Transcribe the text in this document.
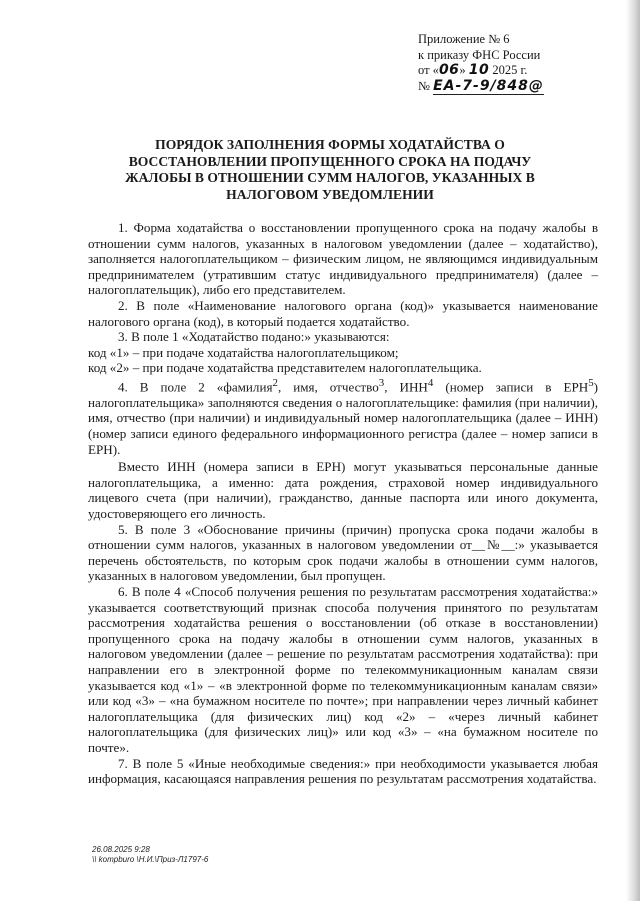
Приложение № 6
к приказу ФНС России
от «06» 10 2025 г.
№ ЕА-7-9/848@
ПОРЯДОК ЗАПОЛНЕНИЯ ФОРМЫ ХОДАТАЙСТВА О ВОССТАНОВЛЕНИИ ПРОПУЩЕННОГО СРОКА НА ПОДАЧУ ЖАЛОБЫ В ОТНОШЕНИИ СУММ НАЛОГОВ, УКАЗАННЫХ В НАЛОГОВОМ УВЕДОМЛЕНИИ

1. Форма ходатайства о восстановлении пропущенного срока на подачу жалобы в отношении сумм налогов, указанных в налоговом уведомлении (далее – ходатайство), заполняется налогоплательщиком – физическим лицом, не являющимся индивидуальным предпринимателем (утратившим статус индивидуального предпринимателя) (далее – налогоплательщик), либо его представителем.

2. В поле «Наименование налогового органа (код)» указывается наименование налогового органа (код), в который подается ходатайство.

3. В поле 1 «Ходатайство подано:» указываются:

код «1» – при подаче ходатайства налогоплательщиком;

код «2» – при подаче ходатайства представителем налогоплательщика.

4. В поле 2 «фамилия$^2$, имя, отчество$^3$, ИНН$^4$ (номер записи в ЕРН$^5$) налогоплательщика» заполняются сведения о налогоплательщике: фамилия (при наличии), имя, отчество (при наличии) и индивидуальный номер налогоплательщика (далее – ИНН) (номер записи единого федерального информационного регистра (далее – номер записи в ЕРН).

Вместо ИНН (номера записи в ЕРН) могут указываться персональные данные налогоплательщика, а именно: дата рождения, страховой номер индивидуального лицевого счета (при наличии), гражданство, данные паспорта или иного документа, удостоверяющего его личность.

5. В поле 3 «Обоснование причины (причин) пропуска срока подачи жалобы в отношении сумм налогов, указанных в налоговом уведомлении от__№__:» указывается перечень обстоятельств, по которым срок подачи жалобы в отношении сумм налогов, указанных в налоговом уведомлении, был пропущен.

6. В поле 4 «Способ получения решения по результатам рассмотрения ходатайства:» указывается соответствующий признак способа получения принятого по результатам рассмотрения ходатайства решения о восстановлении (об отказе в восстановлении) пропущенного срока на подачу жалобы в отношении сумм налогов, указанных в налоговом уведомлении (далее – решение по результатам рассмотрения ходатайства): при направлении его в электронной форме по телекоммуникационным каналам связи указывается код «1» – «в электронной форме по телекоммуникационным каналам связи» или код «3» – «на бумажном носителе по почте»; при направлении через личный кабинет налогоплательщика (для физических лиц) код «2» – «через личный кабинет налогоплательщика (для физических лиц)» или код «3» – «на бумажном носителе по почте».

7. В поле 5 «Иные необходимые сведения:» при необходимости указывается любая информация, касающаяся направления решения по результатам рассмотрения ходатайства.

26.08.2025 9:28
\\ kompburo \Н.И.\Приз-Л1797-6
